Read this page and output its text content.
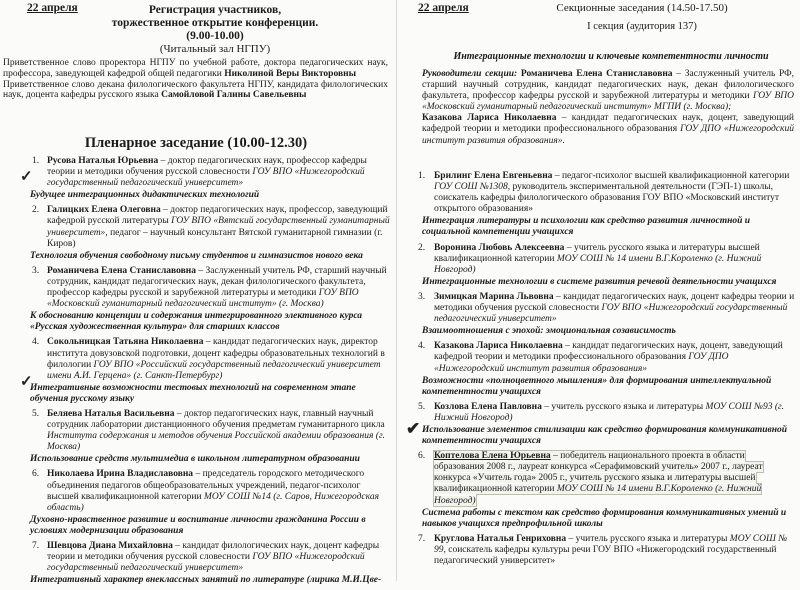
22 апреля	Регистрация участников, торжественное открытие конференции. (9.00-10.00)
(Читальный зал НГПУ)
Приветственное слово проректора НГПУ по учебной работе, доктора педагогических наук, профессора, заведующей кафедрой общей педагогики Николиной Веры Викторовны
Приветственное слово декана филологического факультета НГПУ, кандидата филологических наук, доцента кафедры русского языка Самойловой Галины Савельевны
Пленарное заседание (10.00-12.30)
1. Русова Наталья Юрьевна – доктор педагогических наук, профессор кафедры теории и методики обучения русской словесности ГОУ ВПО «Нижегородский государственный педагогический университет»
Будущее интеграционных дидактических технологий
2. Галицких Елена Олеговна – доктор педагогических наук, профессор, заведующий кафедрой русской литературы ГОУ ВПО «Вятский государственный гуманитарный университет», педагог – научный консультант Вятской гуманитарной гимназии (г. Киров)
Технология обучения свободному письму студентов и гимназистов нового века
3. Романичева Елена Станиславовна – Заслуженный учитель РФ, старший научный сотрудник, кандидат педагогических наук, декан филологического факультета, профессор кафедры русской и зарубежной литературы и методики ГОУ ВПО «Московский гуманитарный педагогический институт» (г. Москва)
К обоснованию концепции и содержания интегрированного элективного курса «Русская художественная культура» для старших классов
4. Сокольницкая Татьяна Николаевна – кандидат педагогических наук, директор института довузовской подготовки, доцент кафедры образовательных технологий в филологии ГОУ ВПО «Российский государственный педагогический университет имени А.И. Герцена» (г. Санкт-Петербург)
Интегративные возможности тестовых технологий на современном этапе обучения русскому языку
5. Беляева Наталья Васильевна – доктор педагогических наук, главный научный сотрудник лаборатории дистанционного обучения предметам гуманитарного цикла Института содержания и методов обучения Российской академии образования (г. Москва)
Использование средств мультимедиа в школьном литературном образовании
6. Николаева Ирина Владиславовна – председатель городского методического объединения педагогов общеобразовательных учреждений, педагог-психолог высшей квалификационной категории МОУ СОШ №14 (г. Саров, Нижегородская область)
Духовно-нравственное развитие и воспитание личности гражданина России в условиях модернизации образования
7. Шевцова Диана Михайловна – кандидат филологических наук, доцент кафедры теории и методики обучения русской словесности ГОУ ВПО «Нижегородский государственный педагогический университет»
Интегративный характер внеклассных занятий по литературе (лирика М.И.Цве-
✓
✓
22 апреля	Секционные заседания (14.50-17.50)
I секция (аудитория 137)
Интеграционные технологии и ключевые компетентности личности
Руководители секции: Романичева Елена Станиславовна – Заслуженный учитель РФ, старший научный сотрудник, кандидат педагогических наук, декан филологического факультета, профессор кафедры русской и зарубежной литературы и методики ГОУ ВПО «Московский гуманитарный педагогический институт» МГПИ (г. Москва);
Казакова Лариса Николаевна – кандидат педагогических наук, доцент, заведующий кафедрой теории и методики профессионального образования ГОУ ДПО «Нижегородский институт развития образования».
1. Брилинг Елена Евгеньевна – педагог-психолог высшей квалификационной категории ГОУ СОШ №1308, руководитель экспериментальной деятельности (ГЭП-1) школы, соискатель кафедры филологического образования ГОУ ВПО «Московский институт открытого образования»
Интеграция литературы и психологии как средство развития личностной и социальной компетенции учащихся
2. Воронина Любовь Алексеевна – учитель русского языка и литературы высшей квалификационной категории МОУ СОШ № 14 имени В.Г.Короленко (г. Нижний Новгород)
Интеграционные технологии в системе развития речевой деятельности учащихся
3. Зимицкая Марина Львовна – кандидат педагогических наук, доцент кафедры теории и методики обучения русской словесности ГОУ ВПО «Нижегородский государственный педагогический университет»
Взаимоотношения с эпохой: эмоциональная созависимость
4. Казакова Лариса Николаевна – кандидат педагогических наук, доцент, заведующий кафедрой теории и методики профессионального образования ГОУ ДПО «Нижегородский институт развития образования»
Возможности «полноцветного мышления» для формирования интеллектуальной компетентности учащихся
5. Козлова Елена Павловна – учитель русского языка и литературы МОУ СОШ №93 (г. Нижний Новгород)
Использование элементов стилизации как средство формирования коммуникативной компетентности учащихся
6. Коптелова Елена Юрьевна – победитель национального проекта в области образования 2008 г., лауреат конкурса «Серафимовский учитель» 2007 г., лауреат конкурса «Учитель года» 2005 г., учитель русского языка и литературы высшей квалификационной категории МОУ СОШ № 14 имени В.Г.Короленко (г. Нижний Новгород)
Система работы с текстом как средство формирования коммуникативных умений и навыков учащихся предпрофильной школы
7. Круглова Наталья Генриховна – учитель русского языка и литературы МОУ СОШ № 99, соискатель кафедры культуры речи ГОУ ВПО «Нижегородский государственный педагогический университет»
✔
